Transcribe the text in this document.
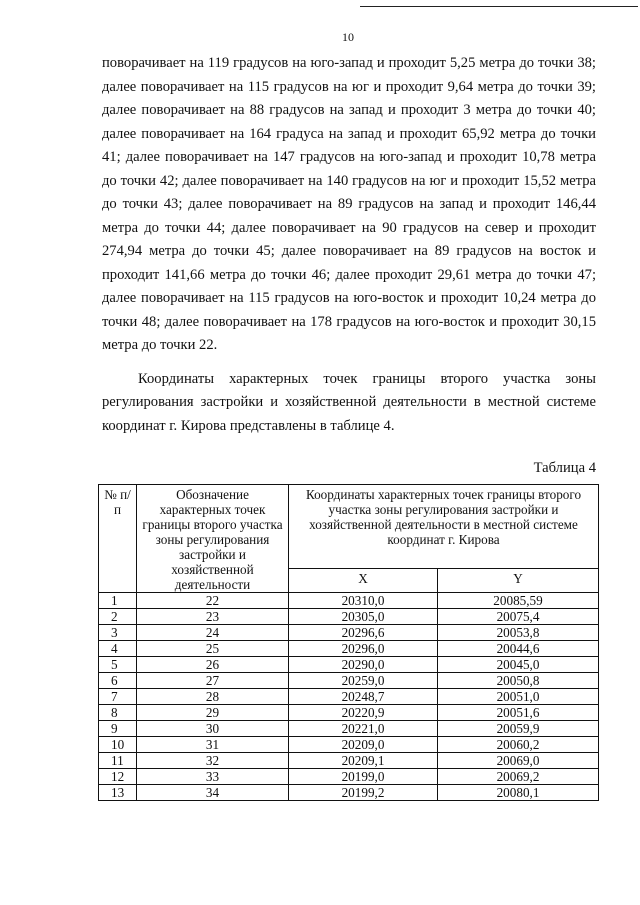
10

поворачивает на 119 градусов на юго-запад и проходит 5,25 метра до точки 38; далее поворачивает на 115 градусов на юг и проходит 9,64 метра до точки 39; далее поворачивает на 88 градусов на запад и проходит 3 метра до точки 40; далее поворачивает на 164 градуса на запад и проходит 65,92 метра до точки 41; далее поворачивает на 147 градусов на юго-запад и проходит 10,78 метра до точки 42; далее поворачивает на 140 градусов на юг и проходит 15,52 метра до точки 43; далее поворачивает на 89 градусов на запад и проходит 146,44 метра до точки 44; далее поворачивает на 90 градусов на север и проходит 274,94 метра до точки 45; далее поворачивает на 89 градусов на восток и проходит 141,66 метра до точки 46; далее проходит 29,61 метра до точки 47; далее поворачивает на 115 градусов на юго-восток и проходит 10,24 метра до точки 48; далее поворачивает на 178 градусов на юго-восток и проходит 30,15 метра до точки 22.

Координаты характерных точек границы второго участка зоны регулирования застройки и хозяйственной деятельности в местной системе координат г. Кирова представлены в таблице 4.

Таблица 4
№ п/п	Обозначение характерных точек границы второго участка зоны регулирования застройки и хозяйственной деятельности	Координаты характерных точек границы второго участка зоны регулирования застройки и хозяйственной деятельности в местной системе координат г. Кирова	
		X	Y
1	22	20310,0	20085,59
2	23	20305,0	20075,4
3	24	20296,6	20053,8
4	25	20296,0	20044,6
5	26	20290,0	20045,0
6	27	20259,0	20050,8
7	28	20248,7	20051,0
8	29	20220,9	20051,6
9	30	20221,0	20059,9
10	31	20209,0	20060,2
11	32	20209,1	20069,0
12	33	20199,0	20069,2
13	34	20199,2	20080,1
